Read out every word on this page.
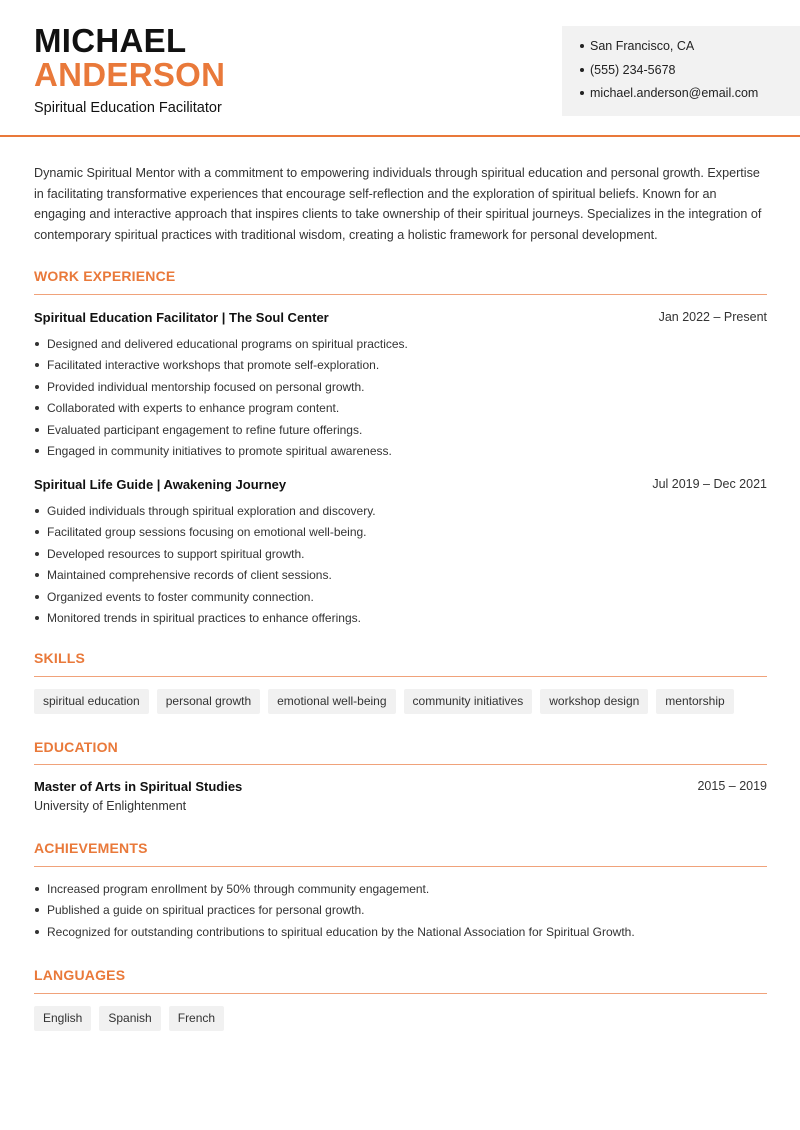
MICHAEL
ANDERSON
Spiritual Education Facilitator
San Francisco, CA
(555) 234-5678
michael.anderson@email.com

Dynamic Spiritual Mentor with a commitment to empowering individuals through spiritual education and personal growth. Expertise in facilitating transformative experiences that encourage self-reflection and the exploration of spiritual beliefs. Known for an engaging and interactive approach that inspires clients to take ownership of their spiritual journeys. Specializes in the integration of contemporary spiritual practices with traditional wisdom, creating a holistic framework for personal development.

WORK EXPERIENCE
Spiritual Education Facilitator | The Soul Center	Jan 2022 – Present
Designed and delivered educational programs on spiritual practices.
Facilitated interactive workshops that promote self-exploration.
Provided individual mentorship focused on personal growth.
Collaborated with experts to enhance program content.
Evaluated participant engagement to refine future offerings.
Engaged in community initiatives to promote spiritual awareness.
Spiritual Life Guide | Awakening Journey	Jul 2019 – Dec 2021
Guided individuals through spiritual exploration and discovery.
Facilitated group sessions focusing on emotional well-being.
Developed resources to support spiritual growth.
Maintained comprehensive records of client sessions.
Organized events to foster community connection.
Monitored trends in spiritual practices to enhance offerings.
SKILLS
spiritual education	personal growth	emotional well-being	community initiatives	workshop design	mentorship
EDUCATION
Master of Arts in Spiritual Studies	2015 – 2019
University of Enlightenment
ACHIEVEMENTS
Increased program enrollment by 50% through community engagement.
Published a guide on spiritual practices for personal growth.
Recognized for outstanding contributions to spiritual education by the National Association for Spiritual Growth.
LANGUAGES
English	Spanish	French
